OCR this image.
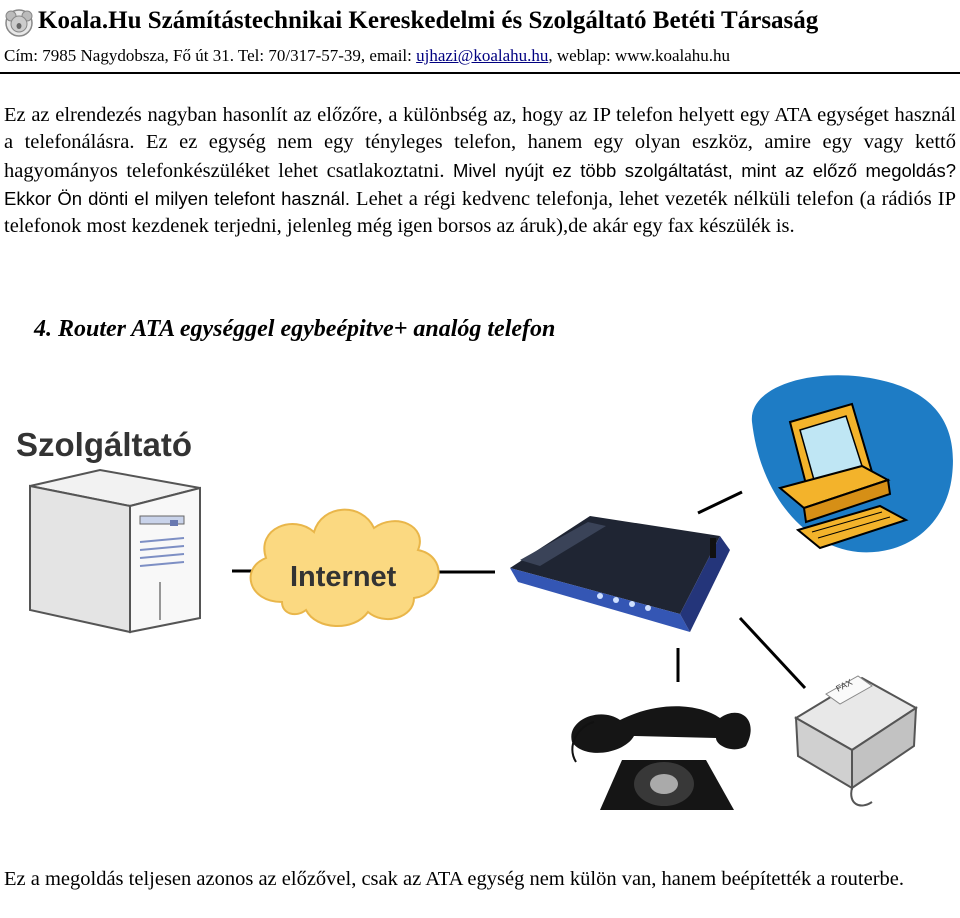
Koala.Hu Számítástechnikai Kereskedelmi és Szolgáltató Betéti Társaság
Cím: 7985 Nagydobsza, Fő út 31. Tel: 70/317-57-39, email: ujhazi@koalahu.hu, weblap: www.koalahu.hu
Ez az elrendezés nagyban hasonlít az előzőre, a különbség az, hogy az IP telefon helyett egy ATA egységet használ a telefonálásra. Ez ez egység nem egy tényleges telefon, hanem egy olyan eszköz, amire egy vagy kettő hagyományos telefonkészüléket lehet csatlakoztatni. Mivel nyújt ez több szolgáltatást, mint az előző megoldás? Ekkor Ön dönti el milyen telefont használ. Lehet a régi kedvenc telefonja, lehet vezeték nélküli telefon (a rádiós IP telefonok most kezdenek terjedni, jelenleg még igen borsos az áruk),de akár egy fax készülék is.
4. Router ATA egységgel egybeépitve+ analóg telefon
Szolgáltató
Internet
FAX
Ez a megoldás teljesen azonos az előzővel, csak az ATA egység nem külön van, hanem beépítették a routerbe.
